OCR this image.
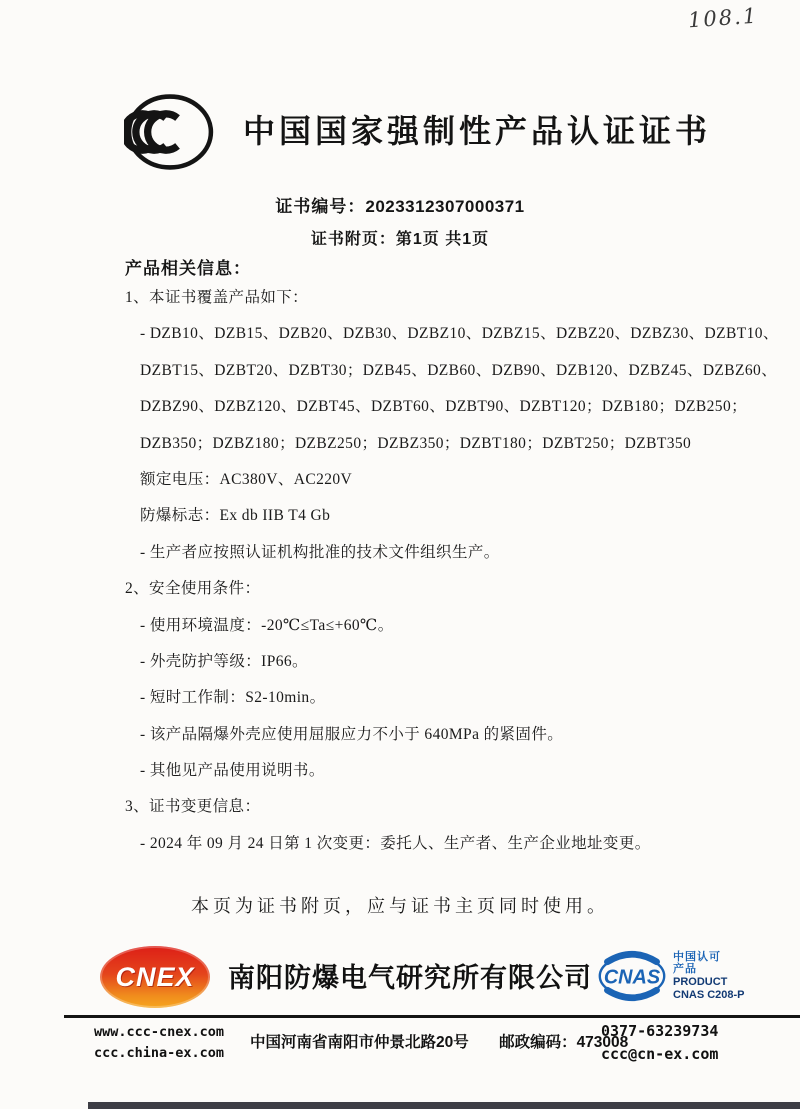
108.1
中国国家强制性产品认证证书
证书编号：2023312307000371
证书附页：第1页 共1页
产品相关信息：
1、本证书覆盖产品如下：
- DZB10、DZB15、DZB20、DZB30、DZBZ10、DZBZ15、DZBZ20、DZBZ30、DZBT10、
DZBT15、DZBT20、DZBT30；DZB45、DZB60、DZB90、DZB120、DZBZ45、DZBZ60、
DZBZ90、DZBZ120、DZBT45、DZBT60、DZBT90、DZBT120；DZB180；DZB250；
DZB350；DZBZ180；DZBZ250；DZBZ350；DZBT180；DZBT250；DZBT350
额定电压：AC380V、AC220V
防爆标志：Ex db IIB T4 Gb
- 生产者应按照认证机构批准的技术文件组织生产。
2、安全使用条件：
- 使用环境温度：-20℃≤Ta≤+60℃。
- 外壳防护等级：IP66。
- 短时工作制：S2-10min。
- 该产品隔爆外壳应使用屈服应力不小于 640MPa 的紧固件。
- 其他见产品使用说明书。
3、证书变更信息：
- 2024 年 09 月 24 日第 1 次变更：委托人、生产者、生产企业地址变更。
本页为证书附页，应与证书主页同时使用。
CNEX 南阳防爆电气研究所有限公司 CNAS
中国认可
产品
PRODUCT
CNAS C208-P
www.ccc-cnex.com
ccc.china-ex.com
中国河南省南阳市仲景北路20号 邮政编码：473008
0377-63239734
ccc@cn-ex.com
